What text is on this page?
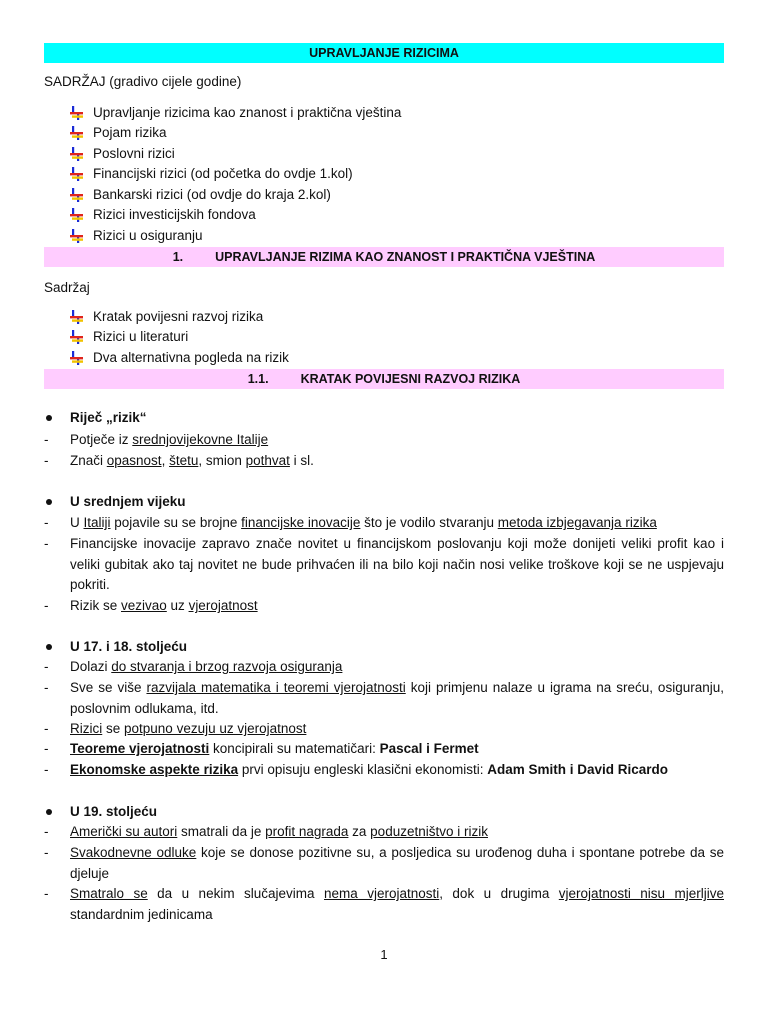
UPRAVLJANJE RIZICIMA
SADRŽAJ (gradivo cijele godine)
Upravljanje rizicima kao znanost i praktična vještina
Pojam rizika
Poslovni rizici
Financijski rizici (od početka do ovdje 1.kol)
Bankarski rizici (od ovdje do kraja 2.kol)
Rizici investicijskih fondova
Rizici u osiguranju
1.	UPRAVLJANJE RIZIMA KAO ZNANOST I PRAKTIČNA VJEŠTINA
Sadržaj
Kratak povijesni razvoj rizika
Rizici u literaturi
Dva alternativna pogleda na rizik
1.1.	KRATAK POVIJESNI RAZVOJ RIZIKA
Riječ „rizik“
- Potječe iz srednjovijekovne Italije
- Znači opasnost, štetu, smion pothvat i sl.
U srednjem vijeku
- U Italiji pojavile su se brojne financijske inovacije što je vodilo stvaranju metoda izbjegavanja rizika
- Financijske inovacije zapravo znače novitet u financijskom poslovanju koji može donijeti veliki profit kao i veliki gubitak ako taj novitet ne bude prihvaćen ili na bilo koji način nosi velike troškove koji se ne uspjevaju pokriti.
- Rizik se vezivao uz vjerojatnost
U 17. i 18. stoljeću
- Dolazi do stvaranja i brzog razvoja osiguranja
- Sve se više razvijala matematika i teoremi vjerojatnosti koji primjenu nalaze u igrama na sreću, osiguranju, poslovnim odlukama, itd.
- Rizici se potpuno vezuju uz vjerojatnost
- Teoreme vjerojatnosti koncipirali su matematičari: Pascal i Fermet
- Ekonomske aspekte rizika prvi opisuju engleski klasični ekonomisti: Adam Smith i David Ricardo
U 19. stoljeću
- Američki su autori smatrali da je profit nagrada za poduzetništvo i rizik
- Svakodnevne odluke koje se donose pozitivne su, a posljedica su urođenog duha i spontane potrebe da se djeluje
- Smatralo se da u nekim slučajevima nema vjerojatnosti, dok u drugima vjerojatnosti nisu mjerljive standardnim jedinicama
1
